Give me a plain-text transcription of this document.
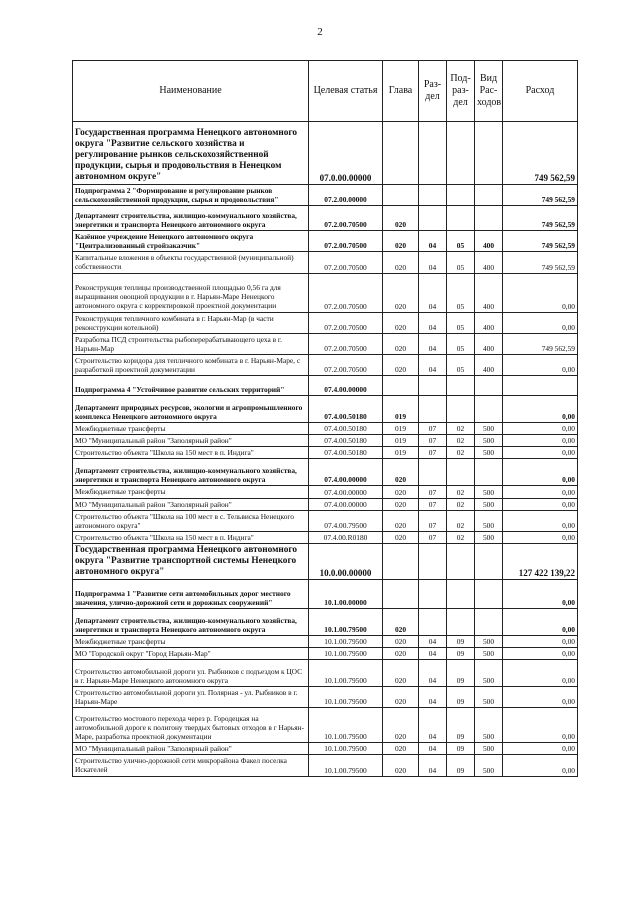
2
Наименование	Целевая статья	Глава	Раз-дел	Под-раз-дел	Вид Рас-ходов	Расход
Государственная программа Ненецкого автономного округа "Развитие сельского хозяйства и регулирование рынков сельскохозяйственной продукции, сырья и продовольствия в Ненецком автономном округе"	07.0.00.00000					749 562,59
Подпрограмма 2 "Формирование и регулирование рынков сельскохозяйственной продукции, сырья и продовольствия"	07.2.00.00000					749 562,59
Департамент строительства, жилищно-коммунального хозяйства, энергетики и транспорта Ненецкого автономного округа	07.2.00.70500	020				749 562,59
Казённое учреждение Ненецкого автономного округа "Централизованный стройзаказчик"	07.2.00.70500	020	04	05	400	749 562,59
Капитальные вложения в объекты государственной (муниципальной) собственности	07.2.00.70500	020	04	05	400	749 562,59
Реконструкция теплицы производственной площадью 0,56 га для выращивания овощной продукции в г. Нарьян-Маре Ненецкого автономного округа с корректировкой проектной документации	07.2.00.70500	020	04	05	400	0,00
Реконструкция тепличного комбината в г. Нарьян-Мар (в части реконструкции котельной)	07.2.00.70500	020	04	05	400	0,00
Разработка ПСД строительства рыбоперерабатывающего цеха в г. Нарьян-Мар	07.2.00.70500	020	04	05	400	749 562,59
Строительство коридора для тепличного комбината в г. Нарьян-Маре, с разработкой проектной документации	07.2.00.70500	020	04	05	400	0,00
Подпрограмма 4 "Устойчивое развитие сельских территорий"	07.4.00.00000					
Департамент природных ресурсов, экологии и агропромышленного комплекса Ненецкого автономного округа	07.4.00.50180	019				0,00
Межбюджетные трансферты	07.4.00.50180	019	07	02	500	0,00
МО "Муниципальный район "Заполярный район"	07.4.00.50180	019	07	02	500	0,00
Строительство объекта "Школа на 150 мест в п. Индига"	07.4.00.50180	019	07	02	500	0,00
Департамент строительства, жилищно-коммунального хозяйства, энергетики и транспорта Ненецкого автономного округа	07.4.00.00000	020				0,00
Межбюджетные трансферты	07.4.00.00000	020	07	02	500	0,00
МО "Муниципальный район "Заполярный район"	07.4.00.00000	020	07	02	500	0,00
Строительство объекта "Школа на 100 мест в с. Тельвиска Ненецкого автономного округа"	07.4.00.79500	020	07	02	500	0,00
Строительство объекта "Школа на 150 мест в п. Индига"	07.4.00.R0180	020	07	02	500	0,00
Государственная программа Ненецкого автономного округа "Развитие транспортной системы Ненецкого автономного округа"	10.0.00.00000					127 422 139,22
Подпрограмма 1 "Развитие сети автомобильных дорог местного значения, улично-дорожной сети и дорожных сооружений"	10.1.00.00000					0,00
Департамент строительства, жилищно-коммунального хозяйства, энергетики и транспорта Ненецкого автономного округа	10.1.00.79500	020				0,00
Межбюджетные трансферты	10.1.00.79500	020	04	09	500	0,00
МО "Городской округ "Город Нарьян-Мар"	10.1.00.79500	020	04	09	500	0,00
Строительство автомобильной дороги ул. Рыбников с подъездом к ЦОС в г. Нарьян-Маре Ненецкого автономного округа	10.1.00.79500	020	04	09	500	0,00
Строительство автомобильной дороги ул. Полярная - ул. Рыбников в г. Нарьян-Маре	10.1.00.79500	020	04	09	500	0,00
Строительство мостового перехода через р. Городецкая на автомобильной дороге к полигону твердых бытовых отходов в г Нарьян-Маре, разработка проектной документации	10.1.00.79500	020	04	09	500	0,00
МО "Муниципальный район "Заполярный район"	10.1.00.79500	020	04	09	500	0,00
Строительство улично-дорожной сети микрорайона Факел поселка Искателей	10.1.00.79500	020	04	09	500	0,00
